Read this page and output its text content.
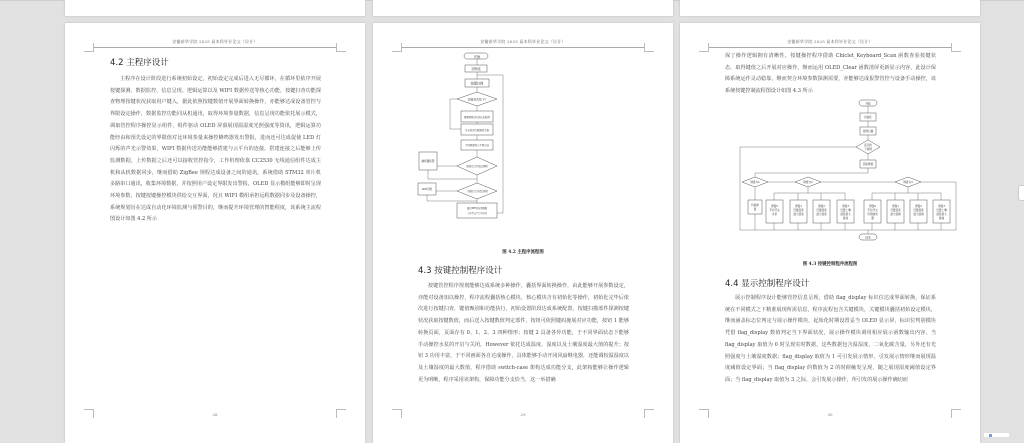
安徽新华学院 2025 届本科毕业论文（设计）
4.2 主程序设计

主程序在设计阶段进行系统初始设定，初始设定完成后进入无尽循环，在循环里依序开展按键探测、数据监控、信息呈现、逻辑运算以及 WIFI 数据传送等核心功能，按键扫查功能探查物理按键状况获取用户键入，据此依照按键数值开展界面转换操作，亦能够达成设备管控与界限设定操作，数据监控功能同从机通讯，取得环境参量数据，信息呈现功能依托展示模式，调取管控程序操控显示组件，组件驱动 OLED 屏幕展现温湿度光照强度等资讯，逻辑运算功能经由和预先设定的界限值对比环境参量来操控蜂鸣器发出警报，进而还可达成促使 LED 灯闪烁的声光示警效果，WIFI 数据传送功能能够搭建与云平台的连接，搭建连接之后能够上传监测数据，上传数据之后还可以接收管控指令，工作机理依靠 CC2530 无线通信组件达成主机和从机数据同步，继而借助 ZigBee 规程达成设备之间的通讯，系统借助 STM32 单片机多路串口通讯，收集环境数据，并按照用户设定界限发出警报，OLED 显示模组能够即时呈现环境参数，按键按键操控模块供给交互界面，况且 WIFI 模组承担远程数据同步及设备操控，系统规划旨在达成自动化环境监测与预警目的，继而提升环境管理的智能程度，该系统主流程图设计如图 4.2 所示

28
安徽新华学院 2025 届本科毕业论文（设计）
开始
初始化
按键扫描
按键是否按下?
根据键值进行相应的操作
与从机进行数据的交换
不同界面显示不同内容
温湿度是否超过阈值
蜂鸣器报警
土壤湿度是否超过阈值
LED闪烁
通过WIFI将传感数据
上传至云平台并控制
图 4.2 主程序流程图
4.3 按键控制程序设计

按键管控程序规划能够达成系统多种操作，囊括界面转换操作，由此能够开展参数设定，亦能对设备加以操控，程序流程囊括核心模块，核心模块含有初始化等操作，初始化完毕后依次进行按键扫查，键值甄别和功能执行，初始设置阶段达成系统配置，按键扫描部件探测按键状况获取按键数值，而后送入按键数值判定部件，按钮可依照键码施展对应功能，按钮 1 能够转换页面，页面存有 0、1、2、3 四种情形；按键 2 具备各异功能，于不同界面状态下能够手动操控水泵的开启与关闭，However 依托达成温度、湿度以及土壤湿度最大值的提升；按钮 3 功用丰富，于不同画面各自达成操作，具体能够手动开闭风扇继电器，还能调校温湿度以及土壤湿度的最大数值，程序借助 switch-case 架构达成功能分支，此架构能够让操作逻辑更为明晰，程序采用该架构，保障功能分支恰当，这一举措确

29
安徽新华学院 2025 届本科毕业论文（设计）

保了操作逻辑拥有清晰性，按键操控程序借助 Chiclet_Keyboard_Scan 函数查验按键状态，取得键值之后开展对应操作，继而运用 OLED_Clear 函数清屏更新显示内容，此设计保障系统运作灵动稳靠，继而契合环境参数探测需要，亦能够达成报警管控与设备手动操控，该系统按键控制流程图设计如图 4.3 所示

开始
初始化
按键扫描
是否按
下按键
获取键值
键值为1	键值为2	键值为3
切换界
面
界面0
手动开关
水泵
界面1
设置温度
最大值加
界面2
设置湿度
最大值加
界面3
设置土壤
湿度最大
值加
界面0
手动开关
风扇继电
器
界面1
设置温度
最大值减
界面2
设置湿度
最大值减
界面3
设置土壤
湿度最大
值减
结束
图 4.3 按键控制程序流程图
4.4 显示控制程序设计

展示控制程序设计能够管控信息呈现，借助 flag_display 标识位达成界面转换，保证系统在不同模式之下精准展现所需信息，程序流程包含关键模块，关键模块囊括初始设定模块，继而涵盖标志位判定与展示操作模块，起始化时期设置妥当 OLED 显示屏，标识位判别模块凭借 flag_display 数值判定当下界面状况，展示操作模块调用相应展示函数输出内容，当 flag_display 取值为 0 时呈现实时数据，这些数据包含温湿度，二氧化碳含量，另外还有光照强度与土壤湿度数据；flag_display 取值为 1 可引发展示情形，引发展示情形继而展现温度阈值设定界面；当 flag_display 的数值为 2 的时候触发呈现，随之展现湿度阈值设定界面；当 flag_display 取值为 3 之际，会引发展示操作，所引发的展示操作确切而

30
